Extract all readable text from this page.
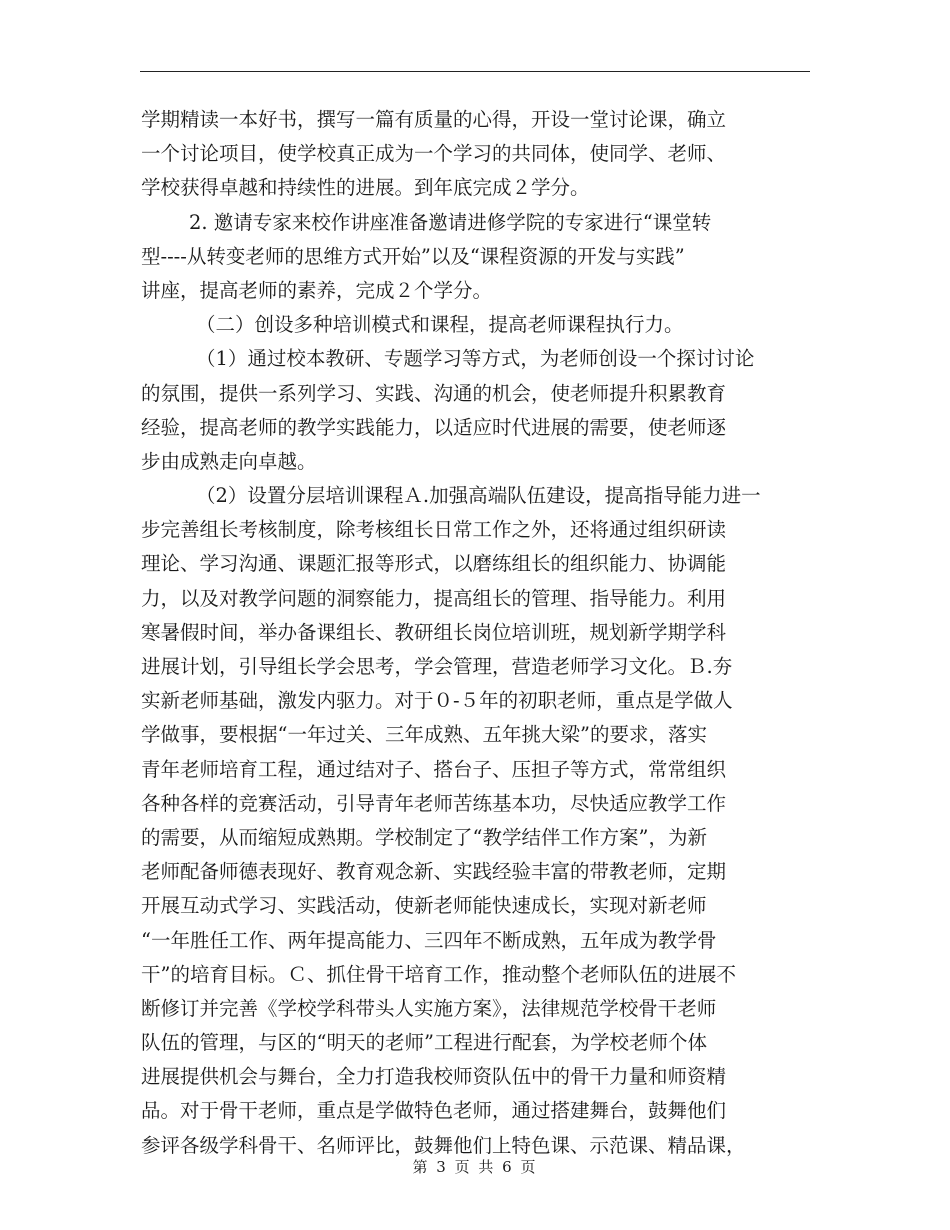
学期精读一本好书，撰写一篇有质量的心得，开设一堂讨论课，确立
一个讨论项目，使学校真正成为一个学习的共同体，使同学、老师、
学校获得卓越和持续性的进展。到年底完成２学分。
2. 邀请专家来校作讲座准备邀请进修学院的专家进行“课堂转
型----从转变老师的思维方式开始”以及“课程资源的开发与实践”
讲座，提高老师的素养，完成２个学分。
（二）创设多种培训模式和课程，提高老师课程执行力。
（1）通过校本教研、专题学习等方式，为老师创设一个探讨讨论
的氛围，提供一系列学习、实践、沟通的机会，使老师提升积累教育
经验，提高老师的教学实践能力，以适应时代进展的需要，使老师逐
步由成熟走向卓越。
（2）设置分层培训课程Ａ.加强高端队伍建设，提高指导能力进一
步完善组长考核制度，除考核组长日常工作之外，还将通过组织研读
理论、学习沟通、课题汇报等形式，以磨练组长的组织能力、协调能
力，以及对教学问题的洞察能力，提高组长的管理、指导能力。利用
寒暑假时间，举办备课组长、教研组长岗位培训班，规划新学期学科
进展计划，引导组长学会思考，学会管理，营造老师学习文化。Ｂ.夯
实新老师基础，激发内驱力。对于０-５年的初职老师，重点是学做人
学做事，要根据“一年过关、三年成熟、五年挑大梁”的要求，落实
青年老师培育工程，通过结对子、搭台子、压担子等方式，常常组织
各种各样的竞赛活动，引导青年老师苦练基本功，尽快适应教学工作
的需要，从而缩短成熟期。学校制定了“教学结伴工作方案”，为新
老师配备师德表现好、教育观念新、实践经验丰富的带教老师，定期
开展互动式学习、实践活动，使新老师能快速成长，实现对新老师
“一年胜任工作、两年提高能力、三四年不断成熟，五年成为教学骨
干”的培育目标。Ｃ、抓住骨干培育工作，推动整个老师队伍的进展不
断修订并完善《学校学科带头人实施方案》，法律规范学校骨干老师
队伍的管理，与区的“明天的老师”工程进行配套，为学校老师个体
进展提供机会与舞台，全力打造我校师资队伍中的骨干力量和师资精
品。对于骨干老师，重点是学做特色老师，通过搭建舞台，鼓舞他们
参评各级学科骨干、名师评比，鼓舞他们上特色课、示范课、精品课，
第 3 页 共 6 页
